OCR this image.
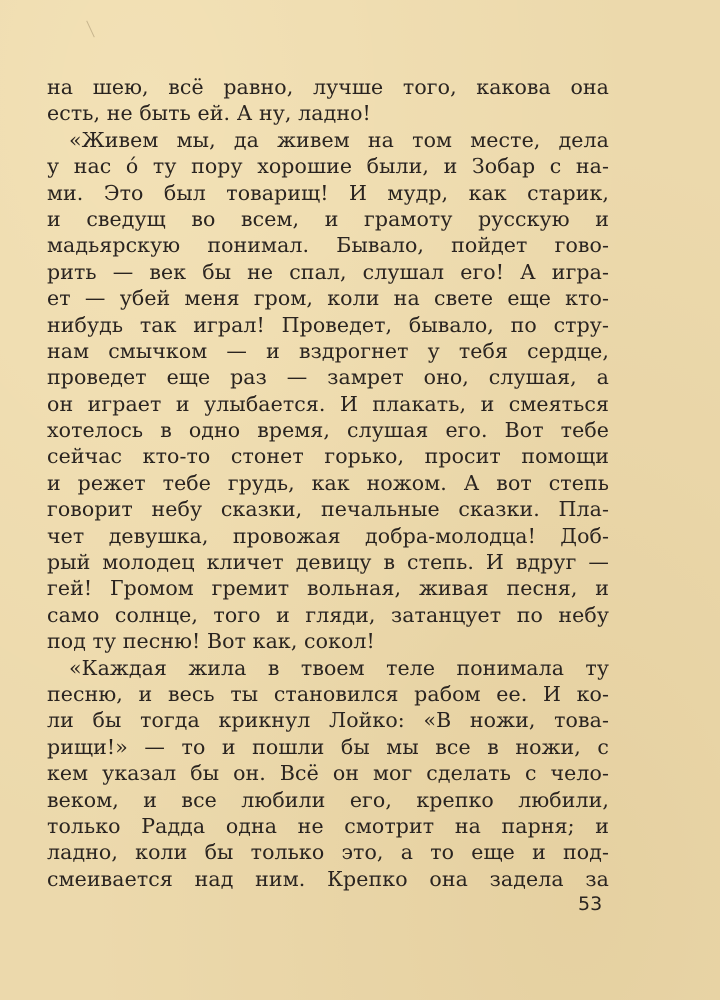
на шею, всё равно, лучше того, какова она
есть, не быть ей. А ну, ладно!
«Живем мы, да живем на том месте, дела
у нас ó ту пору хорошие были, и Зобар с на-
ми. Это был товарищ! И мудр, как старик,
и сведущ во всем, и грамоту русскую и
мадьярскую понимал. Бывало, пойдет гово-
рить — век бы не спал, слушал его! А игра-
ет — убей меня гром, коли на свете еще кто-
нибудь так играл! Проведет, бывало, по стру-
нам смычком — и вздрогнет у тебя сердце,
проведет еще раз — замрет оно, слушая, а
он играет и улыбается. И плакать, и смеяться
хотелось в одно время, слушая его. Вот тебе
сейчас кто-то стонет горько, просит помощи
и режет тебе грудь, как ножом. А вот степь
говорит небу сказки, печальные сказки. Пла-
чет девушка, провожая добра-молодца! Доб-
рый молодец кличет девицу в степь. И вдруг —
гей! Громом гремит вольная, живая песня, и
само солнце, того и гляди, затанцует по небу
под ту песню! Вот как, сокол!
«Каждая жила в твоем теле понимала ту
песню, и весь ты становился рабом ее. И ко-
ли бы тогда крикнул Лойко: «В ножи, това-
рищи!» — то и пошли бы мы все в ножи, с
кем указал бы он. Всё он мог сделать с чело-
веком, и все любили его, крепко любили,
только Радда одна не смотрит на парня; и
ладно, коли бы только это, а то еще и под-
смеивается над ним. Крепко она задела за
53
